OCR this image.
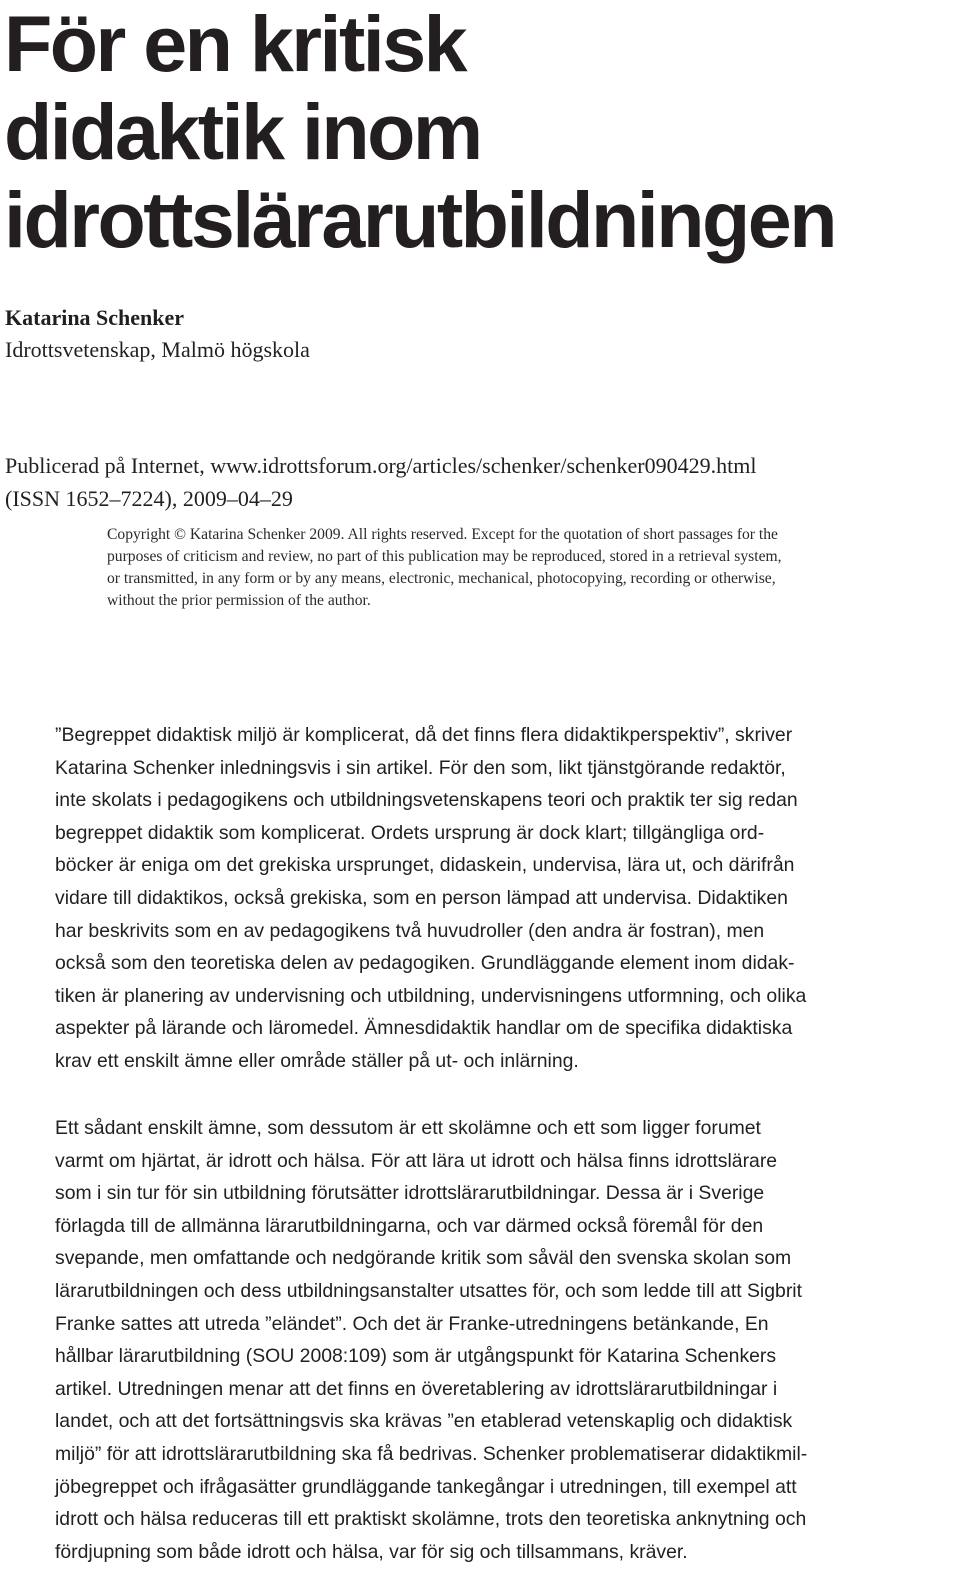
För en kritisk
didaktik inom
idrottslärarutbildningen
Katarina Schenker
Idrottsvetenskap, Malmö högskola
Publicerad på Internet, www.idrottsforum.org/articles/schenker/schenker090429.html
(ISSN 1652–7224), 2009–04–29
Copyright © Katarina Schenker 2009. All rights reserved. Except for the quotation of short passages for the
purposes of criticism and review, no part of this publication may be reproduced, stored in a retrieval system,
or transmitted, in any form or by any means, electronic, mechanical, photocopying, recording or otherwise,
without the prior permission of the author.
”Begreppet didaktisk miljö är komplicerat, då det finns flera didaktikperspektiv”, skriver
Katarina Schenker inledningsvis i sin artikel. För den som, likt tjänstgörande redaktör,
inte skolats i pedagogikens och utbildningsvetenskapens teori och praktik ter sig redan
begreppet didaktik som komplicerat. Ordets ursprung är dock klart; tillgängliga ord-
böcker är eniga om det grekiska ursprunget, didaskein, undervisa, lära ut, och därifrån
vidare till didaktikos, också grekiska, som en person lämpad att undervisa. Didaktiken
har beskrivits som en av pedagogikens två huvudroller (den andra är fostran), men
också som den teoretiska delen av pedagogiken. Grundläggande element inom didak-
tiken är planering av undervisning och utbildning, undervisningens utformning, och olika
aspekter på lärande och läromedel. Ämnesdidaktik handlar om de specifika didaktiska
krav ett enskilt ämne eller område ställer på ut- och inlärning.
Ett sådant enskilt ämne, som dessutom är ett skolämne och ett som ligger forumet
varmt om hjärtat, är idrott och hälsa. För att lära ut idrott och hälsa finns idrottslärare
som i sin tur för sin utbildning förutsätter idrottslärarutbildningar. Dessa är i Sverige
förlagda till de allmänna lärarutbildningarna, och var därmed också föremål för den
svepande, men omfattande och nedgörande kritik som såväl den svenska skolan som
lärarutbildningen och dess utbildningsanstalter utsattes för, och som ledde till att Sigbrit
Franke sattes att utreda ”eländet”. Och det är Franke-utredningens betänkande, En
hållbar lärarutbildning (SOU 2008:109) som är utgångspunkt för Katarina Schenkers
artikel. Utredningen menar att det finns en överetablering av idrottslärarutbildningar i
landet, och att det fortsättningsvis ska krävas ”en etablerad vetenskaplig och didaktisk
miljö” för att idrottslärarutbildning ska få bedrivas. Schenker problematiserar didaktikmil-
jöbegreppet och ifrågasätter grundläggande tankegångar i utredningen, till exempel att
idrott och hälsa reduceras till ett praktiskt skolämne, trots den teoretiska anknytning och
fördjupning som både idrott och hälsa, var för sig och tillsammans, kräver.
